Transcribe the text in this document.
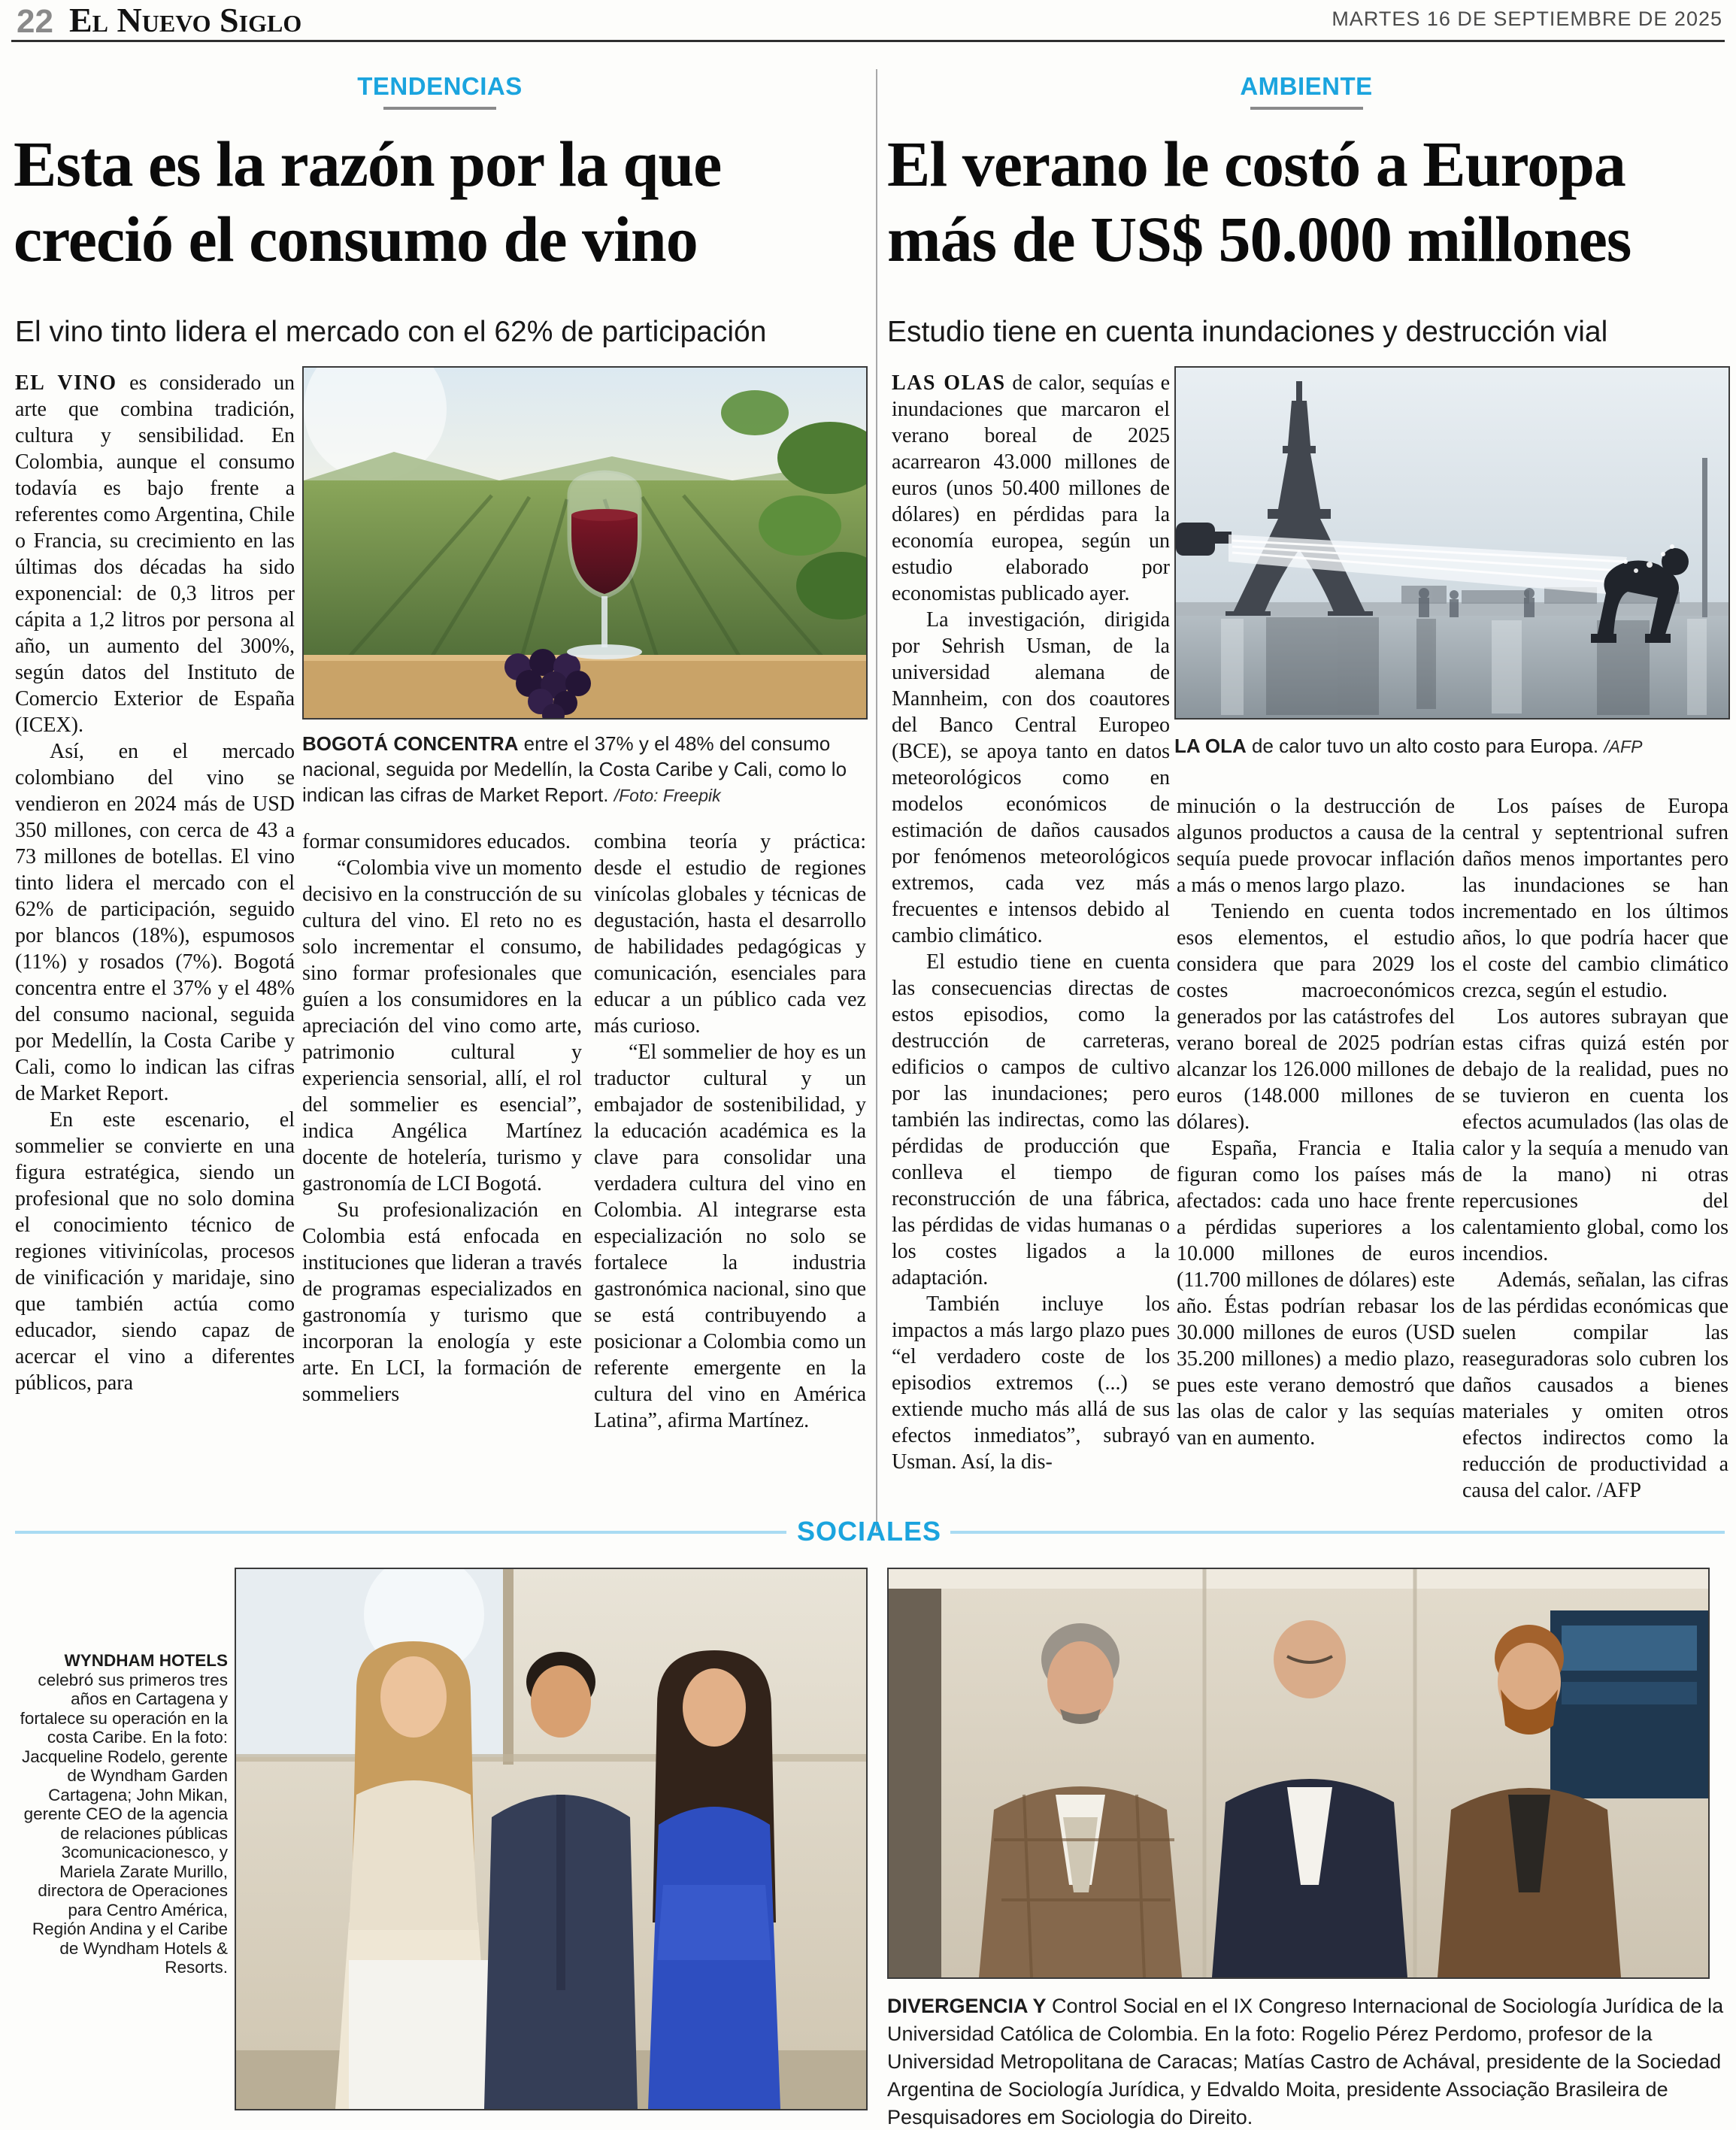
22 El Nuevo Siglo	MARTES 16 DE SEPTIEMBRE DE 2025
TENDENCIAS
Esta es la razón por la que
creció el consumo de vino
El vino tinto lidera el mercado con el 62% de participación

EL VINO es considerado un arte que combina tradición, cultura y sensibilidad. En Colombia, aunque el consumo todavía es bajo frente a referentes como Argentina, Chile o Francia, su crecimiento en las últimas dos décadas ha sido exponencial: de 0,3 litros per cápita a 1,2 litros por persona al año, un aumento del 300%, según datos del Instituto de Comercio Exterior de España (ICEX).

Así, en el mercado colombiano del vino se vendieron en 2024 más de USD 350 millones, con cerca de 43 a 73 millones de botellas. El vino tinto lidera el mercado con el 62% de participación, seguido por blancos (18%), espumosos (11%) y rosados (7%). Bogotá concentra entre el 37% y el 48% del consumo nacional, seguida por Medellín, la Costa Caribe y Cali, como lo indican las cifras de Market Report.

En este escenario, el sommelier se convierte en una figura estratégica, siendo un profesional que no solo domina el conocimiento técnico de regiones vitivinícolas, procesos de vinificación y maridaje, sino que también actúa como educador, siendo capaz de acercar el vino a diferentes públicos, para

BOGOTÁ CONCENTRA entre el 37% y el 48% del consumo nacional, seguida por Medellín, la Costa Caribe y Cali, como lo indican las cifras de Market Report. /Foto: Freepik

formar consumidores educados.

“Colombia vive un momento decisivo en la construcción de su cultura del vino. El reto no es solo incrementar el consumo, sino formar profesionales que guíen a los consumidores en la apreciación del vino como arte, patrimonio cultural y experiencia sensorial, allí, el rol del sommelier es esencial”, indica Angélica Martínez docente de hotelería, turismo y gastronomía de LCI Bogotá.

Su profesionalización en Colombia está enfocada en instituciones que lideran a través de programas especializados en gastronomía y turismo que incorporan la enología y este arte. En LCI, la formación de sommeliers

combina teoría y práctica: desde el estudio de regiones vinícolas globales y técnicas de degustación, hasta el desarrollo de habilidades pedagógicas y comunicación, esenciales para educar a un público cada vez más curioso.

“El sommelier de hoy es un traductor cultural y un embajador de sostenibilidad, y la educación académica es la clave para consolidar una verdadera cultura del vino en Colombia. Al integrarse esta especialización no solo se fortalece la industria gastronómica nacional, sino que se está contribuyendo a posicionar a Colombia como un referente emergente en la cultura del vino en América Latina”, afirma Martínez.

AMBIENTE
El verano le costó a Europa
más de US$ 50.000 millones
Estudio tiene en cuenta inundaciones y destrucción vial

LAS OLAS de calor, sequías e inundaciones que marcaron el verano boreal de 2025 acarrearon 43.000 millones de euros (unos 50.400 millones de dólares) en pérdidas para la economía europea, según un estudio elaborado por economistas publicado ayer.

La investigación, dirigida por Sehrish Usman, de la universidad alemana de Mannheim, con dos coautores del Banco Central Europeo (BCE), se apoya tanto en datos meteorológicos como en modelos económicos de estimación de daños causados por fenómenos meteorológicos extremos, cada vez más frecuentes e intensos debido al cambio climático.

El estudio tiene en cuenta las consecuencias directas de estos episodios, como la destrucción de carreteras, edificios o campos de cultivo por las inundaciones; pero también las indirectas, como las pérdidas de producción que conlleva el tiempo de reconstrucción de una fábrica, las pérdidas de vidas humanas o los costes ligados a la adaptación.

También incluye los impactos a más largo plazo pues “el verdadero coste de los episodios extremos (...) se extiende mucho más allá de sus efectos inmediatos”, subrayó Usman. Así, la dis-

LA OLA de calor tuvo un alto costo para Europa. /AFP

minución o la destrucción de algunos productos a causa de la sequía puede provocar inflación a más o menos largo plazo.

Teniendo en cuenta todos esos elementos, el estudio considera que para 2029 los costes macroeconómicos generados por las catástrofes del verano boreal de 2025 podrían alcanzar los 126.000 millones de euros (148.000 millones de dólares).

España, Francia e Italia figuran como los países más afectados: cada uno hace frente a pérdidas superiores a los 10.000 millones de euros (11.700 millones de dólares) este año. Éstas podrían rebasar los 30.000 millones de euros (USD 35.200 millones) a medio plazo, pues este verano demostró que las olas de calor y las sequías van en aumento.

Los países de Europa central y septentrional sufren daños menos importantes pero las inundaciones se han incrementado en los últimos años, lo que podría hacer que el coste del cambio climático crezca, según el estudio.

Los autores subrayan que estas cifras quizá estén por debajo de la realidad, pues no se tuvieron en cuenta los efectos acumulados (las olas de calor y la sequía a menudo van de la mano) ni otras repercusiones del calentamiento global, como los incendios.

Además, señalan, las cifras de las pérdidas económicas que suelen compilar las reaseguradoras solo cubren los daños causados a bienes materiales y omiten otros efectos indirectos como la reducción de productividad a causa del calor. /AFP

SOCIALES
WYNDHAM HOTELS celebró sus primeros tres años en Cartagena y fortalece su operación en la costa Caribe. En la foto: Jacqueline Rodelo, gerente de Wyndham Garden Cartagena; John Mikan, gerente CEO de la agencia de relaciones públicas 3comunicacionesco, y Mariela Zarate Murillo, directora de Operaciones para Centro América, Región Andina y el Caribe de Wyndham Hotels & Resorts.
DIVERGENCIA Y Control Social en el IX Congreso Internacional de Sociología Jurídica de la Universidad Católica de Colombia. En la foto: Rogelio Pérez Perdomo, profesor de la Universidad Metropolitana de Caracas; Matías Castro de Achával, presidente de la Sociedad Argentina de Sociología Jurídica, y Edvaldo Moita, presidente Associação Brasileira de Pesquisadores em Sociologia do Direito.
